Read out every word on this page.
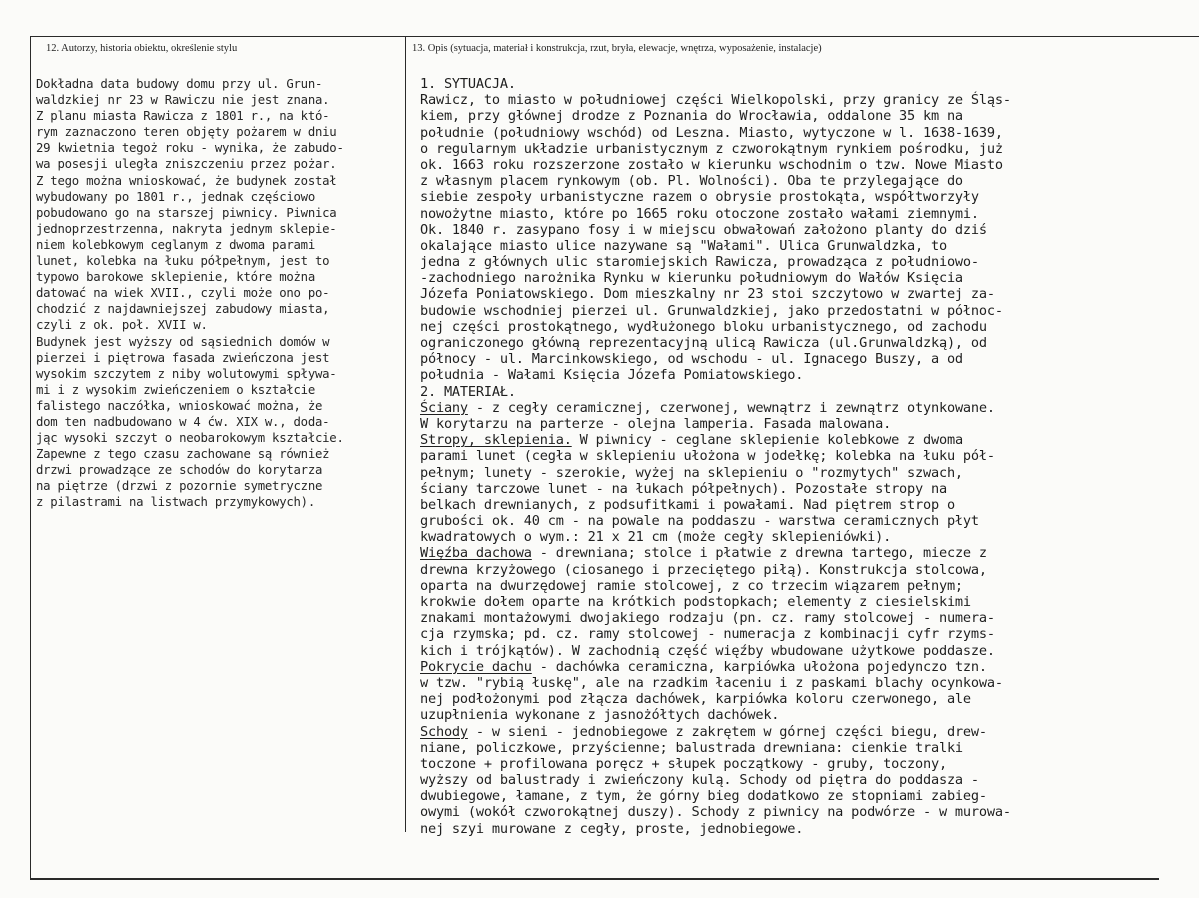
12. Autorzy, historia obiektu, określenie stylu	13. Opis (sytuacja, materiał i konstrukcja, rzut, bryła, elewacje, wnętrza, wyposażenie, instalacje)
Dokładna data budowy domu przy ul. Grun-
waldzkiej nr 23 w Rawiczu nie jest znana.
Z planu miasta Rawicza z 1801 r., na któ-
rym zaznaczono teren objęty pożarem w dniu
29 kwietnia tegoż roku - wynika, że zabudo-
wa posesji uległa zniszczeniu przez pożar.
Z tego można wnioskować, że budynek został
wybudowany po 1801 r., jednak częściowo
pobudowano go na starszej piwnicy. Piwnica
jednoprzestrzenna, nakryta jednym sklepie-
niem kolebkowym ceglanym z dwoma parami
lunet, kolebka na łuku półpełnym, jest to
typowo barokowe sklepienie, które można
datować na wiek XVII., czyli może ono po-
chodzić z najdawniejszej zabudowy miasta,
czyli z ok. poł. XVII w.
Budynek jest wyższy od sąsiednich domów w
pierzei i piętrowa fasada zwieńczona jest
wysokim szczytem z niby wolutowymi spływa-
mi i z wysokim zwieńczeniem o kształcie
falistego naczółka, wnioskować można, że
dom ten nadbudowano w 4 ćw. XIX w., doda-
jąc wysoki szczyt o neobarokowym kształcie.
Zapewne z tego czasu zachowane są również
drzwi prowadzące ze schodów do korytarza
na piętrze (drzwi z pozornie symetryczne
z pilastrami na listwach przymykowych).
1. SYTUACJA.
Rawicz, to miasto w południowej części Wielkopolski, przy granicy ze Śląs-
kiem, przy głównej drodze z Poznania do Wrocławia, oddalone 35 km na
południe (południowy wschód) od Leszna. Miasto, wytyczone w l. 1638-1639,
o regularnym układzie urbanistycznym z czworokątnym rynkiem pośrodku, już
ok. 1663 roku rozszerzone zostało w kierunku wschodnim o tzw. Nowe Miasto
z własnym placem rynkowym (ob. Pl. Wolności). Oba te przylegające do
siebie zespoły urbanistyczne razem o obrysie prostokąta, współtworzyły
nowożytne miasto, które po 1665 roku otoczone zostało wałami ziemnymi.
Ok. 1840 r. zasypano fosy i w miejscu obwałowań założono planty do dziś
okalające miasto ulice nazywane są "Wałami". Ulica Grunwaldzka, to
jedna z głównych ulic staromiejskich Rawicza, prowadząca z południowo-
-zachodniego narożnika Rynku w kierunku południowym do Wałów Księcia
Józefa Poniatowskiego. Dom mieszkalny nr 23 stoi szczytowo w zwartej za-
budowie wschodniej pierzei ul. Grunwaldzkiej, jako przedostatni w północ-
nej części prostokątnego, wydłużonego bloku urbanistycznego, od zachodu
ograniczonego główną reprezentacyjną ulicą Rawicza (ul.Grunwaldzką), od
północy - ul. Marcinkowskiego, od wschodu - ul. Ignacego Buszy, a od
południa - Wałami Księcia Józefa Pomiatowskiego.
2. MATERIAŁ.
Ściany - z cegły ceramicznej, czerwonej, wewnątrz i zewnątrz otynkowane.
W korytarzu na parterze - olejna lamperia. Fasada malowana.
Stropy, sklepienia. W piwnicy - ceglane sklepienie kolebkowe z dwoma
parami lunet (cegła w sklepieniu ułożona w jodełkę; kolebka na łuku pół-
pełnym; lunety - szerokie, wyżej na sklepieniu o "rozmytych" szwach,
ściany tarczowe lunet - na łukach półpełnych). Pozostałe stropy na
belkach drewnianych, z podsufitkami i powałami. Nad piętrem strop o
grubości ok. 40 cm - na powale na poddaszu - warstwa ceramicznych płyt
kwadratowych o wym.: 21 x 21 cm (może cegły sklepieniówki).
Więźba dachowa - drewniana; stolce i płatwie z drewna tartego, miecze z
drewna krzyżowego (ciosanego i przeciętego piłą). Konstrukcja stolcowa,
oparta na dwurzędowej ramie stolcowej, z co trzecim wiązarem pełnym;
krokwie dołem oparte na krótkich podstopkach; elementy z ciesielskimi
znakami montażowymi dwojakiego rodzaju (pn. cz. ramy stolcowej - numera-
cja rzymska; pd. cz. ramy stolcowej - numeracja z kombinacji cyfr rzyms-
kich i trójkątów). W zachodnią część więźby wbudowane użytkowe poddasze.
Pokrycie dachu - dachówka ceramiczna, karpiówka ułożona pojedynczo tzn.
w tzw. "rybią łuskę", ale na rzadkim łaceniu i z paskami blachy ocynkowa-
nej podłożonymi pod złącza dachówek, karpiówka koloru czerwonego, ale
uzupłnienia wykonane z jasnożółtych dachówek.
Schody - w sieni - jednobiegowe z zakrętem w górnej części biegu, drew-
niane, policzkowe, przyścienne; balustrada drewniana: cienkie tralki
toczone + profilowana poręcz + słupek początkowy - gruby, toczony,
wyższy od balustrady i zwieńczony kulą. Schody od piętra do poddasza -
dwubiegowe, łamane, z tym, że górny bieg dodatkowo ze stopniami zabieg-
owymi (wokół czworokątnej duszy). Schody z piwnicy na podwórze - w murowa-
nej szyi murowane z cegły, proste, jednobiegowe.
